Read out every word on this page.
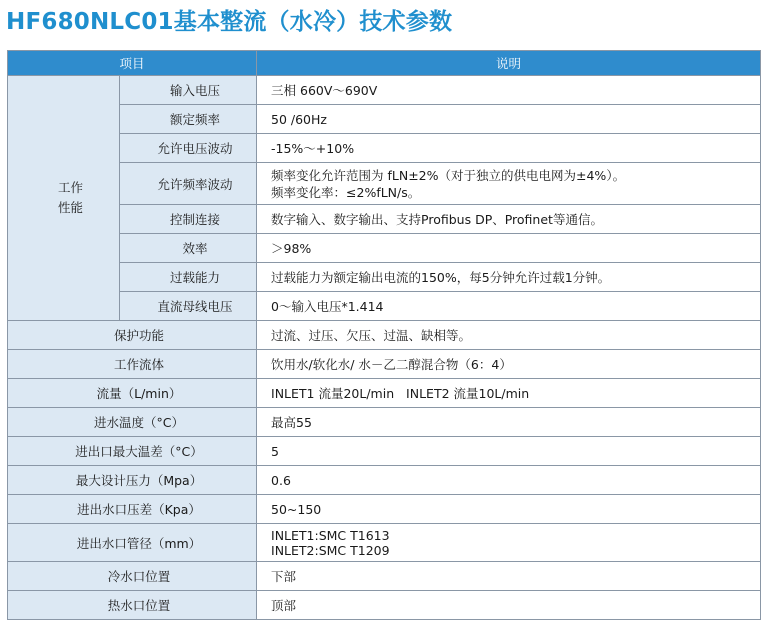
HF680NLC01基本整流（水冷）技术参数
项目		说明

工作
性能	输入电压	三相 660V～690V
	额定频率	50 /60Hz
	允许电压波动	-15%～+10%
	允许频率波动	频率变化允许范围为 fLN±2%（对于独立的供电电网为±4%）。
频率变化率：≤2%fLN/s。

	控制连接	数字输入、数字输出、支持Profibus DP、Profinet等通信。
	效率	＞98%
	过载能力	过载能力为额定输出电流的150%，每5分钟允许过载1分钟。
	直流母线电压	0～输入电压*1.414
保护功能		过流、过压、欠压、过温、缺相等。
工作流体		饮用水/软化水/ 水－乙二醇混合物（6：4）
流量（L/min）		INLET1 流量20L/min   INLET2 流量10L/min
进水温度（°C）		最高55
进出口最大温差（°C）		5
最大设计压力（Mpa）		0.6
进出水口压差（Kpa）		50~150
进出水口管径（mm）		INLET1:SMC T1613
INLET2:SMC T1209

冷水口位置		下部
热水口位置		顶部
